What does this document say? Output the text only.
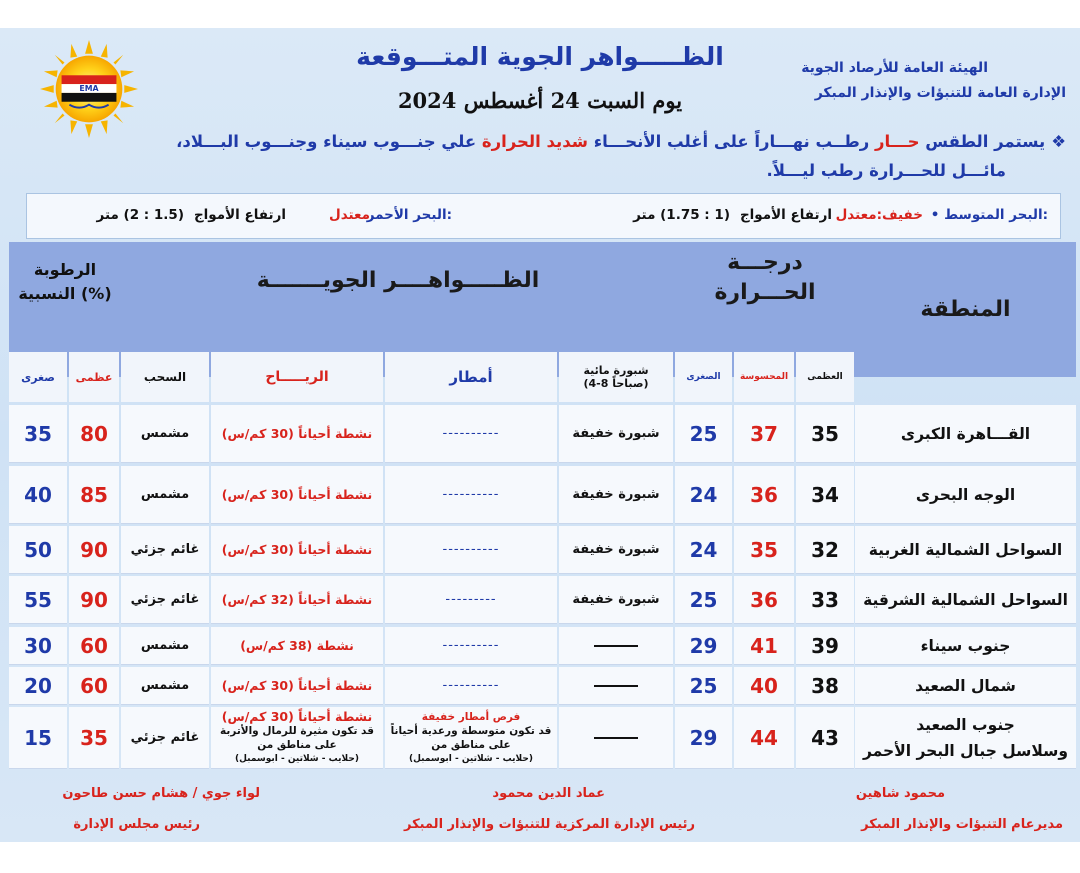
EMA
الظـــــواهر الجوية المتـــوقعة
يوم السبت 24 أغسطس 2024
الهيئة العامة للأرصاد الجوية
الإدارة العامة للتنبؤات والإنذار المبكر
❖يستمر الطقس حـــار رطــب نهـــاراً على أغلب الأنحـــاء شديد الحرارة علي جنـــوب سيناء وجنـــوب البـــلاد،
مائـــل للحـــرارة رطب ليـــلاً.
• البحر المتوسط:
خفيف:معتدل
ارتفاع الأمواج
(1 : 1.75) متر
البحر الأحمر:
معتدل
ارتفاع الأمواج
(1.5 : 2) متر
المنطقة
درجـــة
الحـــرارة
الظـــــواهــــر الجويـــــــة
الرطوبة
النسبية (%)
العظمى
المحسوسة
الصغرى
شبورة مائية
(4-8 صباحاً)
أمطار
الريـــــاح
السحب
عظمى
صغرى
القـــاهرة الكبرى
35
37
25
شبورة خفيفة
----------
نشطة أحياناً (30 كم/س)
مشمس
80
35
الوجه البحرى
34
36
24
شبورة خفيفة
----------
نشطة أحياناً (30 كم/س)
مشمس
85
40
السواحل الشمالية الغربية
32
35
24
شبورة خفيفة
----------
نشطة أحياناً (30 كم/س)
غائم جزئي
90
50
السواحل الشمالية الشرقية
33
36
25
شبورة خفيفة
---------
نشطة أحياناً (32 كم/س)
غائم جزئي
90
55
جنوب سيناء
39
41
29
----------
نشطة (38 كم/س)
مشمس
60
30
شمال الصعيد
38
40
25
----------
نشطة أحياناً (30 كم/س)
مشمس
60
20
جنوب الصعيد
وسلاسل جبال البحر الأحمر
43
44
29
فرص أمطار خفيفة
قد تكون متوسطة ورعدية أحياناً
على مناطق من
(حلايب - شلاتين - ابوسمبل)
نشطة أحياناً (30 كم/س)
قد تكون مثيرة للرمال والأتربة
على مناطق من
(حلايب - شلاتين - ابوسمبل)
غائم جزئي
35
15
محمود شاهين
مديرعام التنبؤات والإنذار المبكر
عماد الدين محمود
رئيس الإدارة المركزية للتنبؤات والإنذار المبكر
لواء جوي / هشام حسن طاحون
رئيس مجلس الإدارة
